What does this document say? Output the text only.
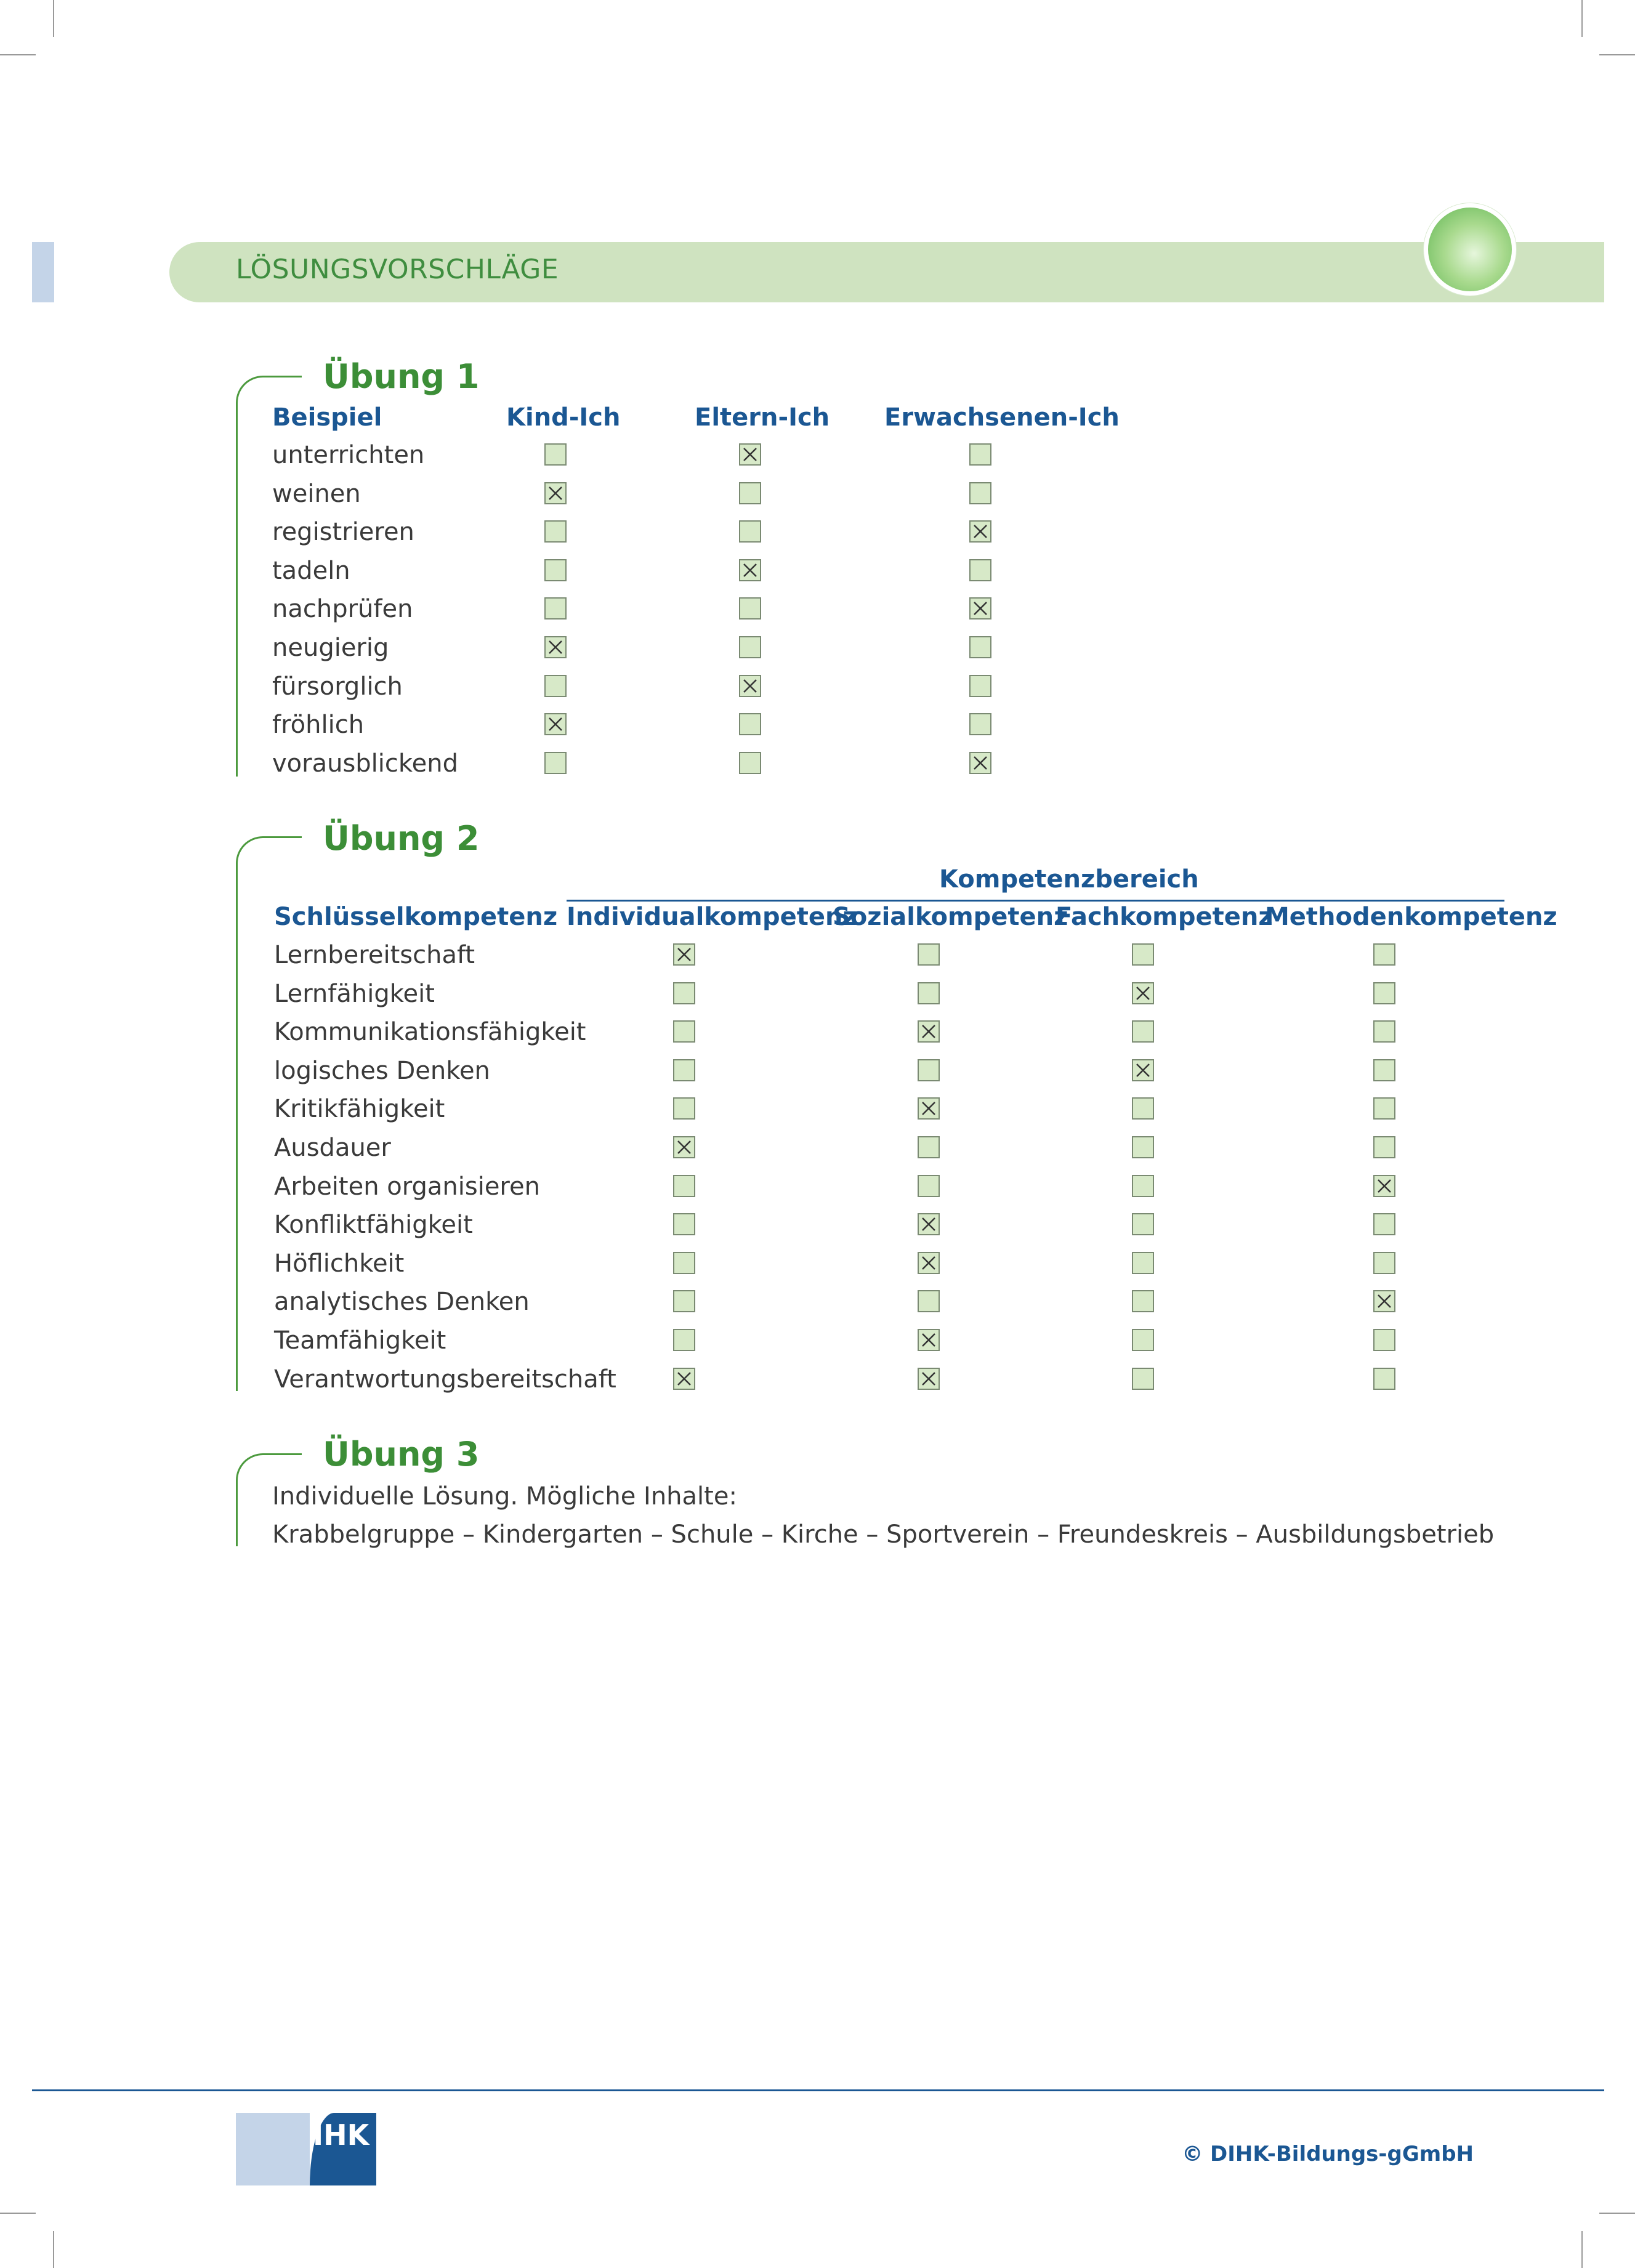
LÖSUNGSVORSCHLÄGE
Übung 1
Beispiel	Kind-Ich	Eltern-Ich Erwachsenen-Ich
unterrichten
weinen
registrieren
tadeln
nachprüfen
neugierig
fürsorglich
fröhlich
vorausblickend
Übung 2
Kompetenzbereich
Schlüsselkompetenz Individualkompetenz
Sozialkompetenz
Fachkompetenz
Methodenkompetenz
Lernbereitschaft
Lernfähigkeit
Kommunikationsfähigkeit
logisches Denken
Kritikfähigkeit
Ausdauer
Arbeiten organisieren
Konfliktfähigkeit
Höflichkeit
analytisches Denken
Teamfähigkeit
Verantwortungsbereitschaft
Übung 3
Individuelle Lösung. Mögliche Inhalte:
Krabbelgruppe – Kindergarten – Schule – Kirche – Sportverein – Freundeskreis – Ausbildungsbetrieb
IHK
© DIHK-Bildungs-gGmbH
